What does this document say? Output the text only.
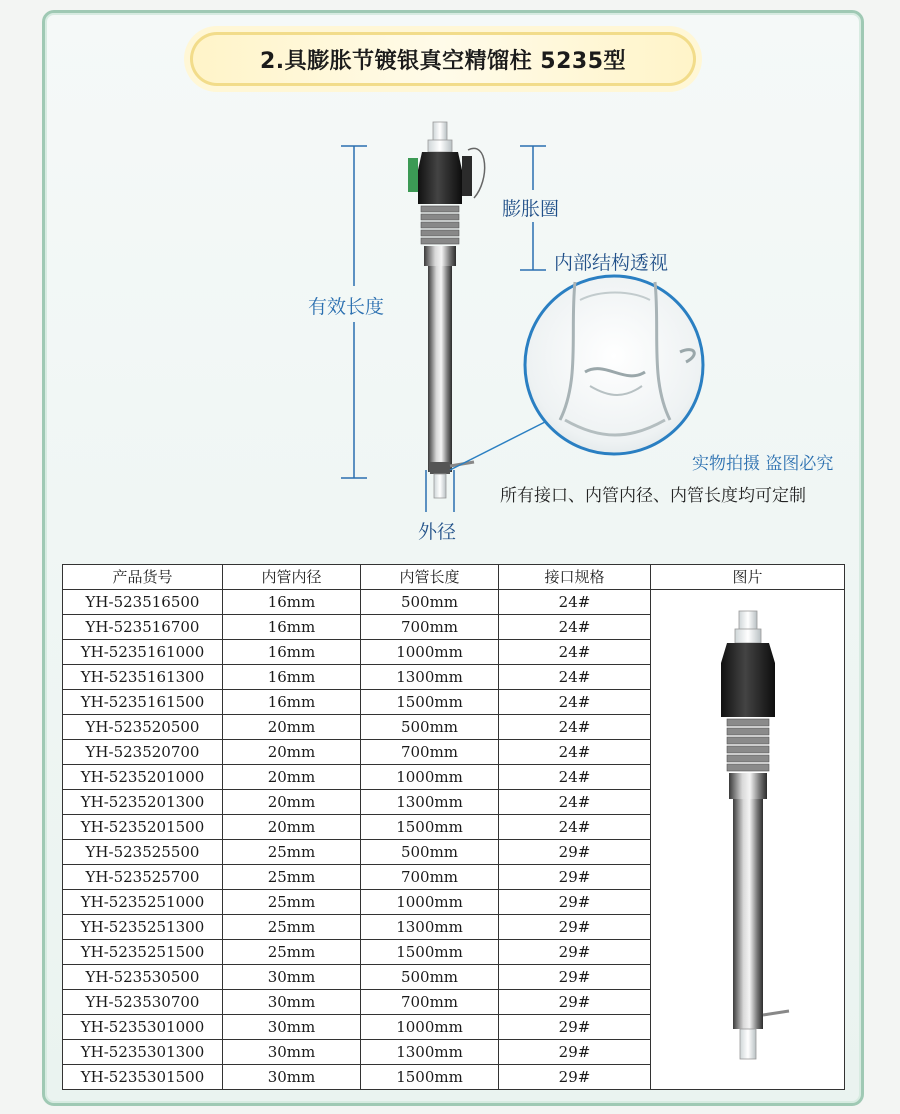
2.具膨胀节镀银真空精馏柱 5235型
有效长度
膨胀圈
内部结构透视
实物拍摄 盗图必究
所有接口、内管内径、内管长度均可定制
外径
产品货号	内管内径	内管长度	接口规格	图片
YH-523516500	16mm	500mm	24#	
YH-523516700	16mm	700mm	24#	
YH-5235161000	16mm	1000mm	24#	
YH-5235161300	16mm	1300mm	24#	
YH-5235161500	16mm	1500mm	24#	
YH-523520500	20mm	500mm	24#	
YH-523520700	20mm	700mm	24#	
YH-5235201000	20mm	1000mm	24#	
YH-5235201300	20mm	1300mm	24#	
YH-5235201500	20mm	1500mm	24#	
YH-523525500	25mm	500mm	29#	
YH-523525700	25mm	700mm	29#	
YH-5235251000	25mm	1000mm	29#	
YH-5235251300	25mm	1300mm	29#	
YH-5235251500	25mm	1500mm	29#	
YH-523530500	30mm	500mm	29#	
YH-523530700	30mm	700mm	29#	
YH-5235301000	30mm	1000mm	29#	
YH-5235301300	30mm	1300mm	29#	
YH-5235301500	30mm	1500mm	29#	
